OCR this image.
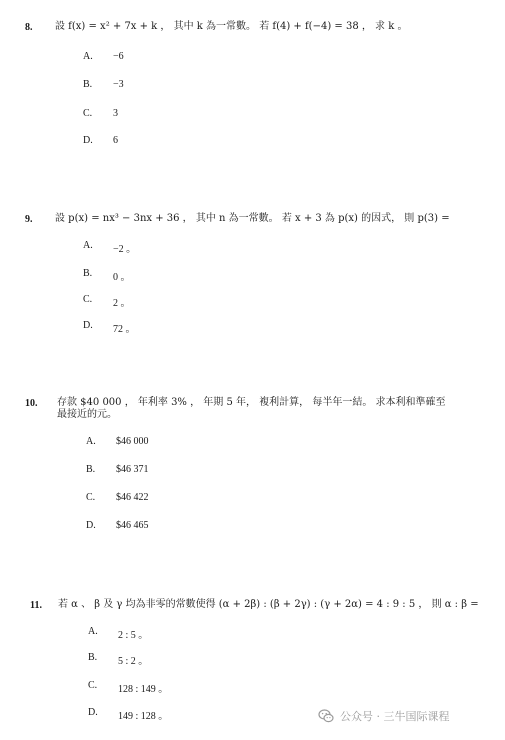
8. 設 f(x) = x² + 7x + k ， 其中 k 為一常數。 若 f(4) + f(−4) = 38 ， 求 k 。
A. −6
B. −3
C. 3
D. 6
9. 設 p(x) = nx³ − 3nx + 36 ， 其中 n 為一常數。 若 x + 3 為 p(x) 的因式， 則 p(3) =
A. −2 。
B. 0 。
C. 2 。
D. 72 。
10. 存款 $40 000 ， 年利率 3% ， 年期 5 年， 複利計算， 每半年一結。 求本利和準確至
最接近的元。
A. $46 000
B. $46 371
C. $46 422
D. $46 465
11. 若 α 、 β 及 γ 均為非零的常數使得 (α + 2β) : (β + 2γ) : (γ + 2α) = 4 : 9 : 5 ， 則 α : β =
A. 2 : 5 。
B. 5 : 2 。
C. 128 : 149 。
D. 149 : 128 。	公众号 · 三牛国际课程
